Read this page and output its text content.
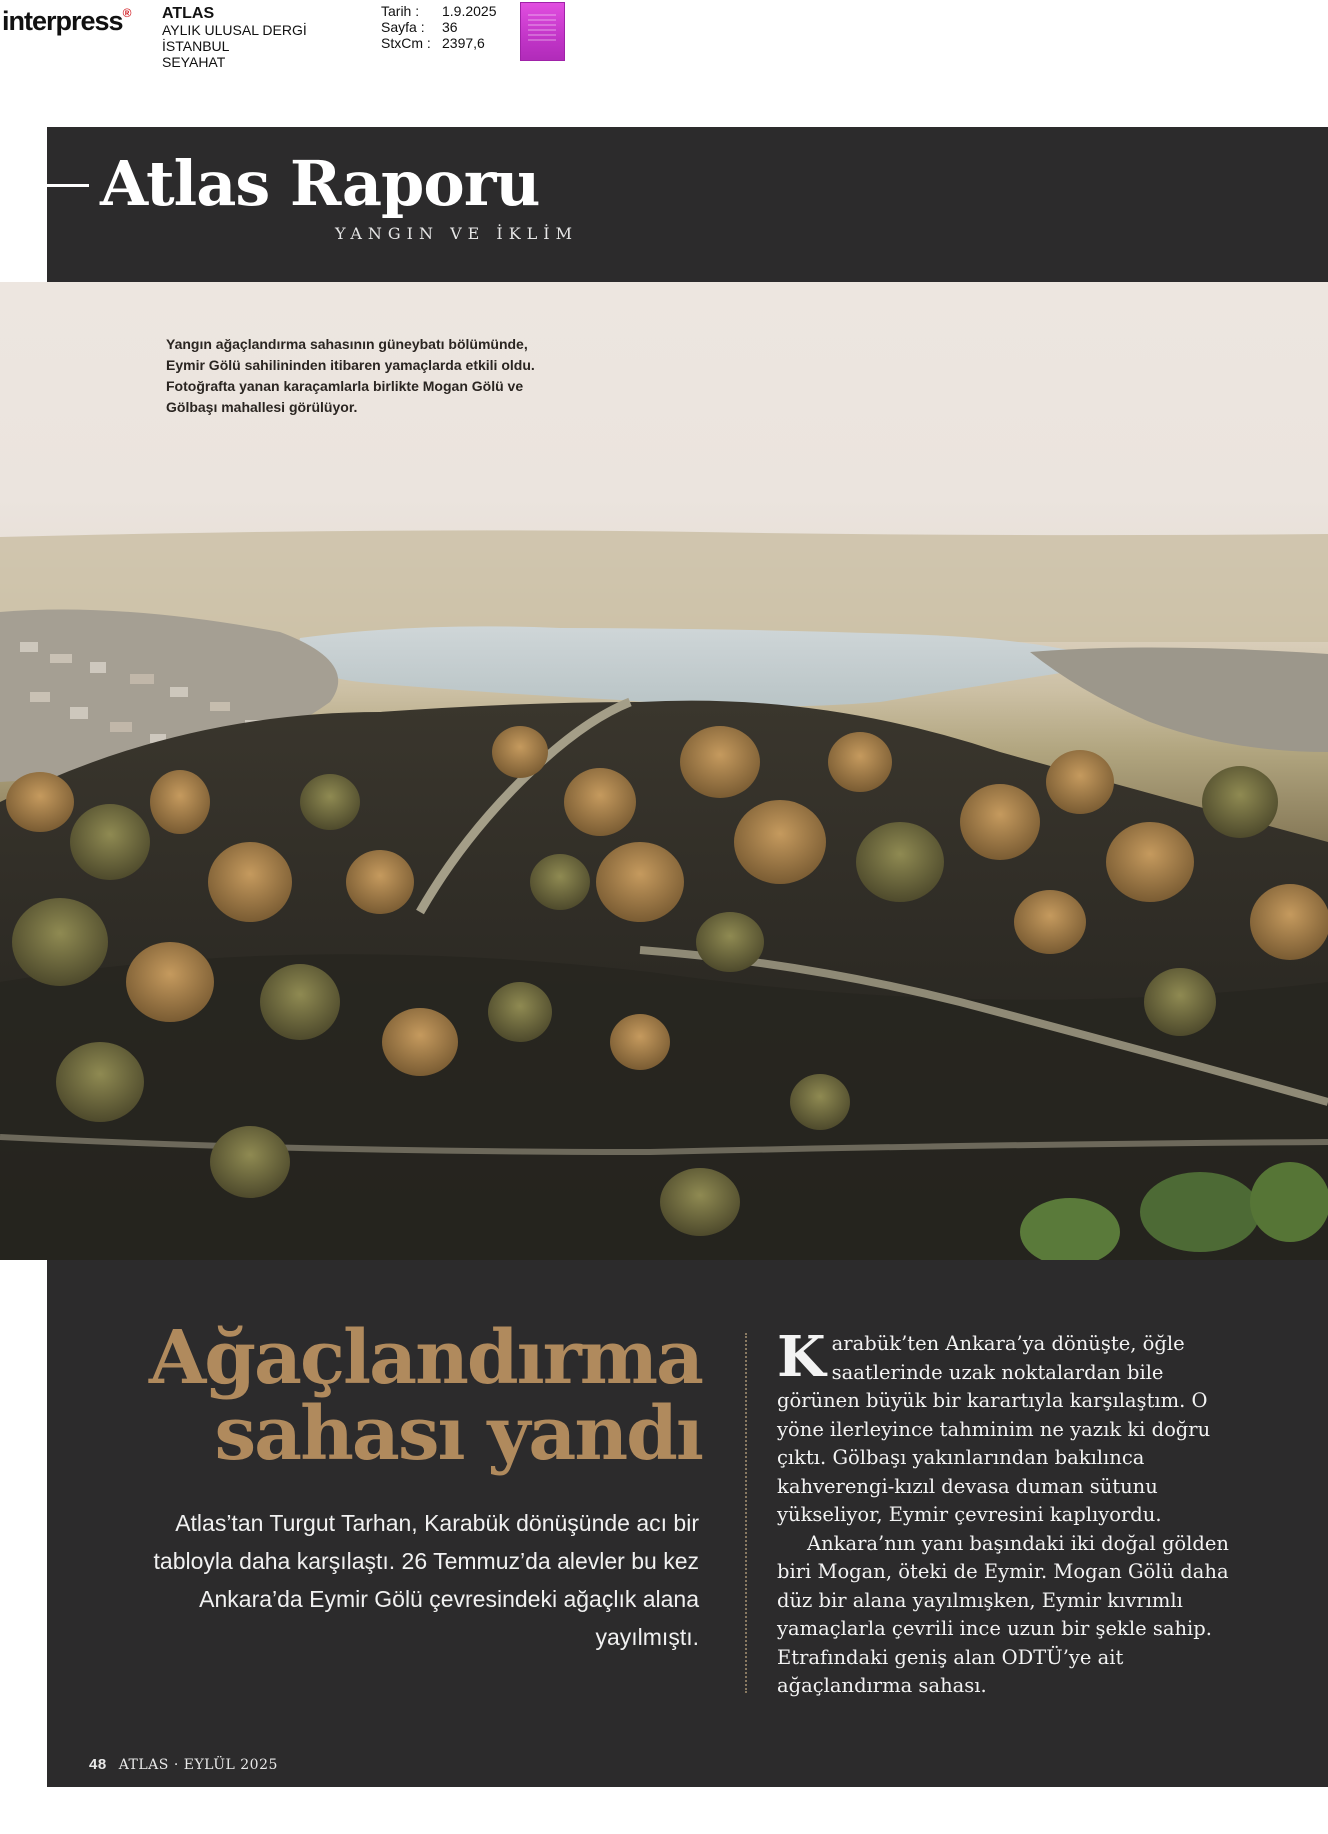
interpress® ATLAS
AYLIK ULUSAL DERGİ
İSTANBUL
SEYAHAT
Tarih :	1.9.2025
Sayfa :	36
StxCm : 2397,6
Atlas Raporu
YANGIN VE İKLİM
Yangın ağaçlandırma sahasının güneybatı bölümünde, Eymir Gölü sahilininden itibaren yamaçlarda etkili oldu. Fotoğrafta yanan karaçamlarla birlikte Mogan Gölü ve Gölbaşı mahallesi görülüyor.
Ağaçlandırma
sahası yandı
Atlas’tan Turgut Tarhan, Karabük dönüşünde acı bir tabloyla daha karşılaştı. 26 Temmuz’da alevler bu kez Ankara’da Eymir Gölü çevresindeki ağaçlık alana yayılmıştı.

Karabük’ten Ankara’ya dönüşte, öğle saatlerinde uzak noktalardan bile görünen büyük bir karartıyla karşılaştım. O yöne ilerleyince tahminim ne yazık ki doğru çıktı. Gölbaşı yakınlarından bakılınca kahverengi-kızıl devasa duman sütunu yükseliyor, Eymir çevresini kaplıyordu.

Ankara’nın yanı başındaki iki doğal gölden biri Mogan, öteki de Eymir. Mogan Gölü daha düz bir alana yayılmışken, Eymir kıvrımlı yamaçlarla çevrili ince uzun bir şekle sahip. Etrafındaki geniş alan ODTÜ’ye ait ağaçlandırma sahası.

48 ATLAS · EYLÜL 2025
